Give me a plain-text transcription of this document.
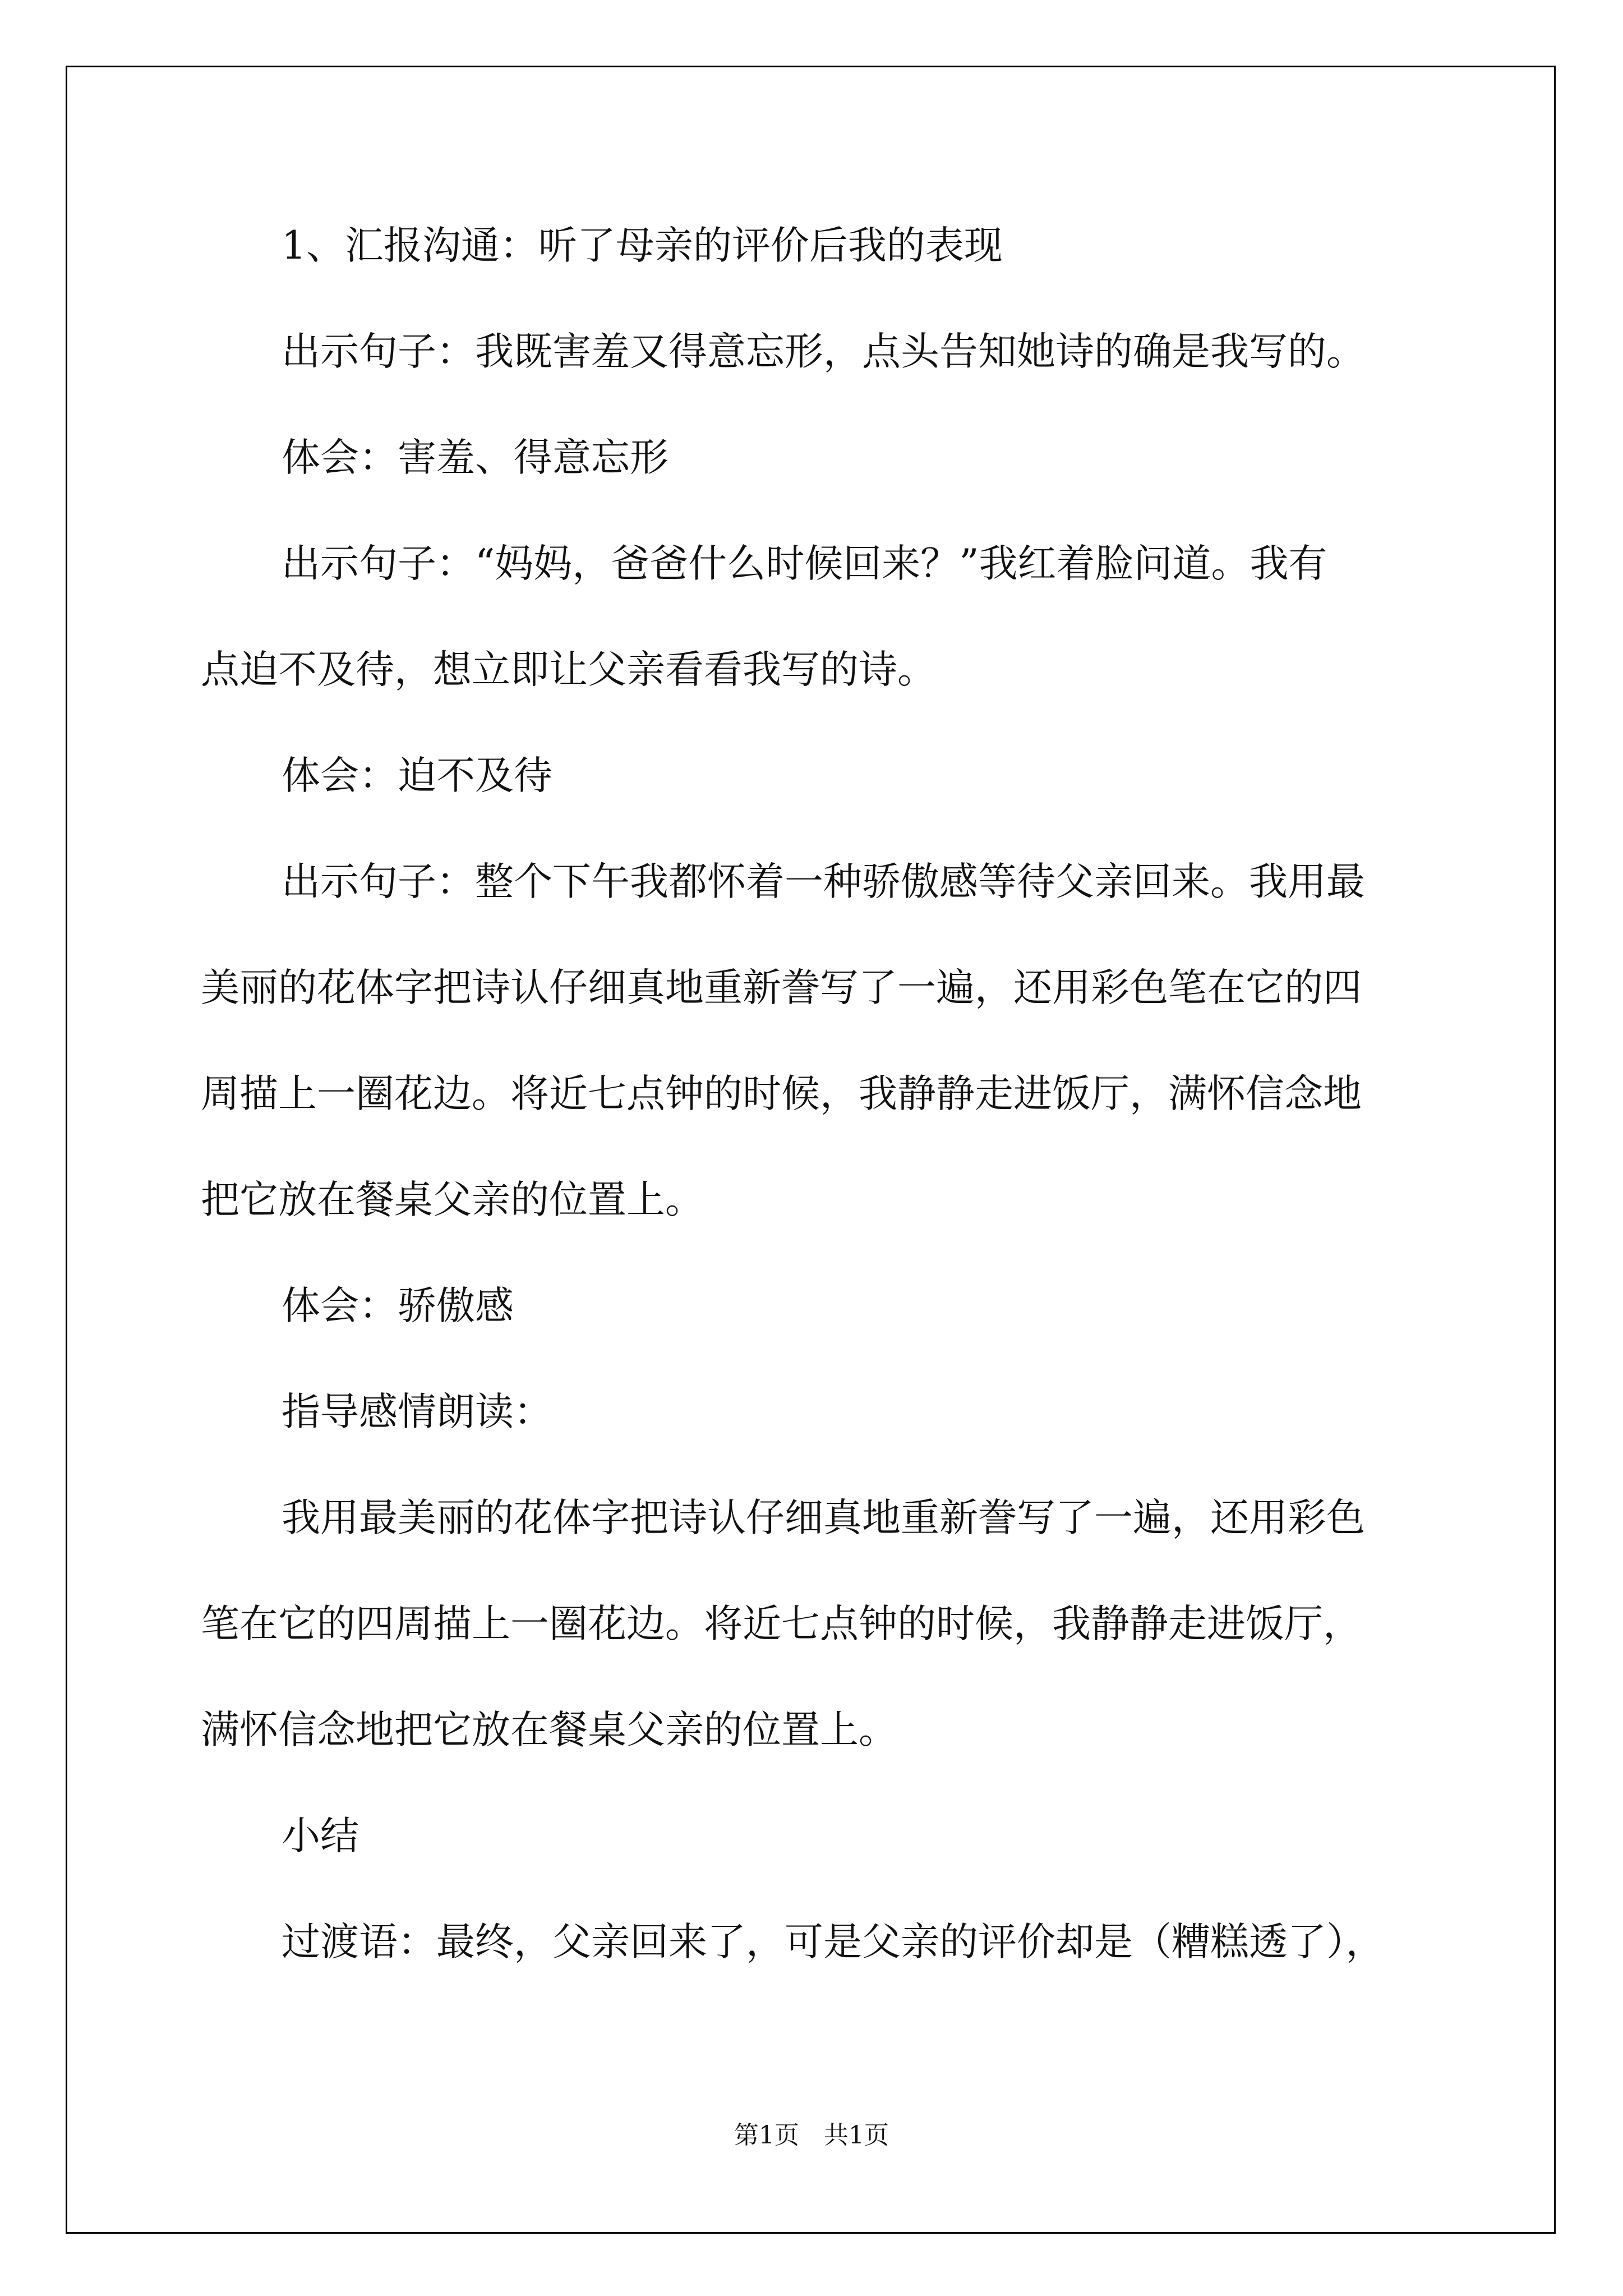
1、汇报沟通：听了母亲的评价后我的表现
出示句子：我既害羞又得意忘形，点头告知她诗的确是我写的。
体会：害羞、得意忘形
出示句子：“妈妈，爸爸什么时候回来？”我红着脸问道。我有
点迫不及待，想立即让父亲看看我写的诗。
体会：迫不及待
出示句子：整个下午我都怀着一种骄傲感等待父亲回来。我用最
美丽的花体字把诗认仔细真地重新誊写了一遍，还用彩色笔在它的四
周描上一圈花边。将近七点钟的时候，我静静走进饭厅，满怀信念地
把它放在餐桌父亲的位置上。
体会：骄傲感
指导感情朗读：
我用最美丽的花体字把诗认仔细真地重新誊写了一遍，还用彩色
笔在它的四周描上一圈花边。将近七点钟的时候，我静静走进饭厅，
满怀信念地把它放在餐桌父亲的位置上。
小结
过渡语：最终，父亲回来了，可是父亲的评价却是（糟糕透了），
第1页　共1页
